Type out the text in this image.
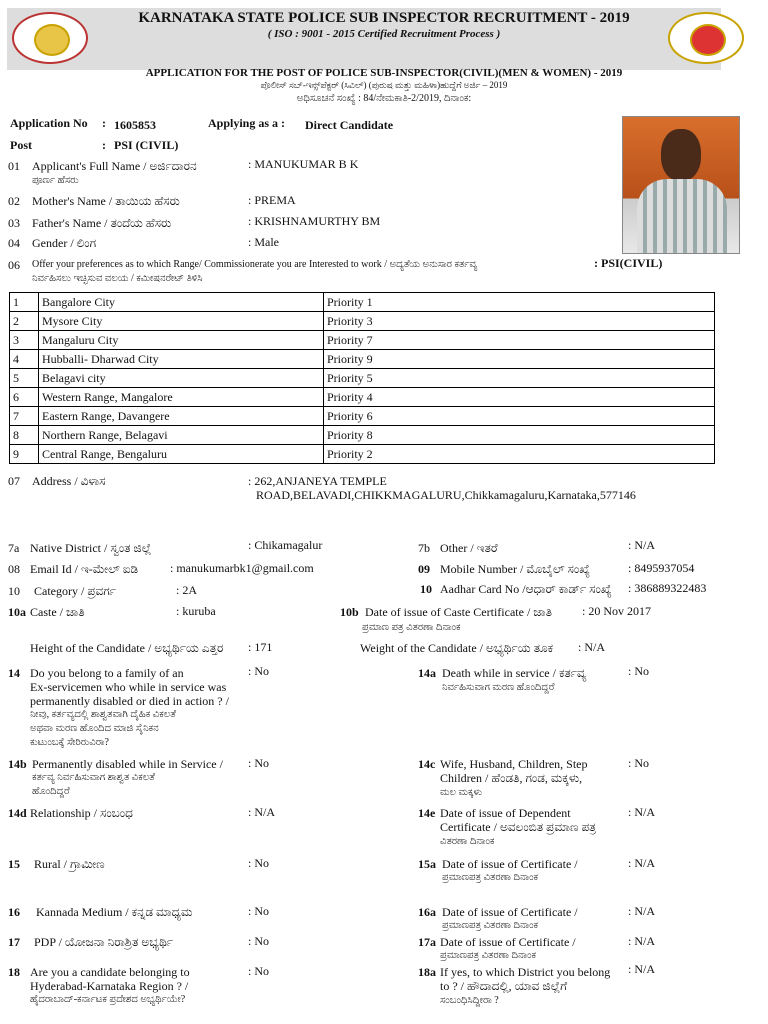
KARNATAKA STATE POLICE SUB INSPECTOR RECRUITMENT - 2019
( ISO : 9001 - 2015 Certified Recruitment Process )
APPLICATION FOR THE POST OF POLICE SUB-INSPECTOR(CIVIL)(MEN & WOMEN) - 2019
ಪೊಲೀಸ್ ಸಬ್-ಇನ್ಸ್‌ಪೆಕ್ಟರ್ (ಸಿವಿಲ್) (ಪುರುಷ ಮತ್ತು ಮಹಿಳಾ)ಹುದ್ದೆಗೆ ಅರ್ಜಿ – 2019
ಅಧಿಸೂಚನೆ ಸಂಖ್ಯೆ : 84/ನೇಮಕಾತಿ-2/2019, ದಿನಾಂಕ:
Application No : 1605853	Applying as a : Direct Candidate
Post	: PSI (CIVIL)
01 Applicant's Full Name / ಅರ್ಜಿದಾರನ
ಪೂರ್ಣ ಹೆಸರು
: MANUKUMAR B K
02 Mother's Name / ತಾಯಿಯ ಹೆಸರು	: PREMA
03 Father's Name / ತಂದೆಯ ಹೆಸರು	: KRISHNAMURTHY BM
04 Gender / ಲಿಂಗ	: Male
06 Offer your preferences as to which Range/ Commissionerate you are Interested to work / ಅದ್ಯತೆಯ ಅನುಸಾರ ಕರ್ತವ್ಯ
ನಿರ್ವಹಿಸಲು ಇಚ್ಛಿಸುವ ವಲಯ / ಕಮೀಷನರೇಟ್ ತಿಳಿಸಿ
: PSI(CIVIL)
1	Bangalore City	Priority 1
2	Mysore City	Priority 3
3	Mangaluru City	Priority 7
4	Hubballi- Dharwad City	Priority 9
5	Belagavi city	Priority 5
6	Western Range, Mangalore	Priority 4
7	Eastern Range, Davangere	Priority 6
8	Northern Range, Belagavi	Priority 8
9	Central Range, Bengaluru	Priority 2
07 Address / ವಿಳಾಸ	: 262,ANJANEYA TEMPLE
ROAD,BELAVADI,CHIKKMAGALURU,Chikkamagaluru,Karnataka,577146
7a Native District / ಸ್ವಂತ ಜಿಲ್ಲೆ	: Chikamagalur	7b Other / ಇತರೆ	: N/A
08 Email Id / ಇ-ಮೇಲ್ ಐಡಿ	: manukumarbk1@gmail.com	09 Mobile Number / ಮೊಬೈಲ್ ಸಂಖ್ಯೆ	: 8495937054
10 Category / ಪ್ರವರ್ಗ	: 2A	10 Aadhar Card No /ಆಧಾರ್ ಕಾರ್ಡ್ ಸಂಖ್ಯೆ : 386889322483
10a Caste / ಜಾತಿ	: kuruba	10b Date of issue of Caste Certificate / ಜಾತಿ
ಪ್ರಮಾಣ ಪತ್ರ ವಿತರಣಾ ದಿನಾಂಕ
: 20 Nov 2017
Height of the Candidate / ಅಭ್ಯರ್ಥಿಯ ಎತ್ತರ : 171	Weight of the Candidate / ಅಭ್ಯರ್ಥಿಯ ತೂಕ : N/A
14 Do you belong to a family of an
Ex-servicemen who while in service was
permanently disabled or died in action ? /
ನೀವು, ಕರ್ತವ್ಯದಲ್ಲಿ ಶಾಶ್ವತವಾಗಿ ದೈಹಿಕ ವಿಕಲತೆ
ಅಥವಾ ಮರಣ ಹೊಂದಿದ ಮಾಜಿ ಸೈನಿಕನ
ಕುಟುಂಬಕ್ಕೆ ಸೇರಿರುವಿರಾ?
: No	14a Death while in service / ಕರ್ತವ್ಯ
ನಿರ್ವಹಿಸುವಾಗ ಮರಣ ಹೊಂದಿದ್ದರೆ
: No
14b Permanently disabled while in Service /
ಕರ್ತವ್ಯ ನಿರ್ವಹಿಸುವಾಗ ಶಾಶ್ವತ ವಿಕಲತೆ
ಹೊಂದಿದ್ದರೆ
: No	14c Wife, Husband, Children, Step
Children / ಹೆಂಡತಿ, ಗಂಡ, ಮಕ್ಕಳು,
ಮಲ ಮಕ್ಕಳು
: No
14d Relationship / ಸಂಬಂಧ	: N/A	14e Date of issue of Dependent
Certificate / ಅವಲಂಬಿತ ಪ್ರಮಾಣ ಪತ್ರ
ವಿತರಣಾ ದಿನಾಂಕ
: N/A
15 Rural / ಗ್ರಾಮೀಣ	: No	15a Date of issue of Certificate /
ಪ್ರಮಾಣಪತ್ರ ವಿತರಣಾ ದಿನಾಂಕ
: N/A
16 Kannada Medium / ಕನ್ನಡ ಮಾಧ್ಯಮ	: No	16a Date of issue of Certificate /
ಪ್ರಮಾಣಪತ್ರ ವಿತರಣಾ ದಿನಾಂಕ
: N/A
17 PDP / ಯೋಜನಾ ನಿರಾಶ್ರಿತ ಅಭ್ಯರ್ಥಿ	: No	17a Date of issue of Certificate /
ಪ್ರಮಾಣಪತ್ರ ವಿತರಣಾ ದಿನಾಂಕ
: N/A
18 Are you a candidate belonging to
Hyderabad-Karnataka Region ? /
ಹೈದರಾಬಾದ್-ಕರ್ನಾಟಕ ಪ್ರದೇಶದ ಅಭ್ಯರ್ಥಿಯೇ?
: No	18a If yes, to which District you belong
to ? / ಹೌದಾದಲ್ಲಿ, ಯಾವ ಜಿಲ್ಲೆಗೆ
ಸಂಬಂಧಿಸಿದ್ದೀರಾ ?
: N/A
